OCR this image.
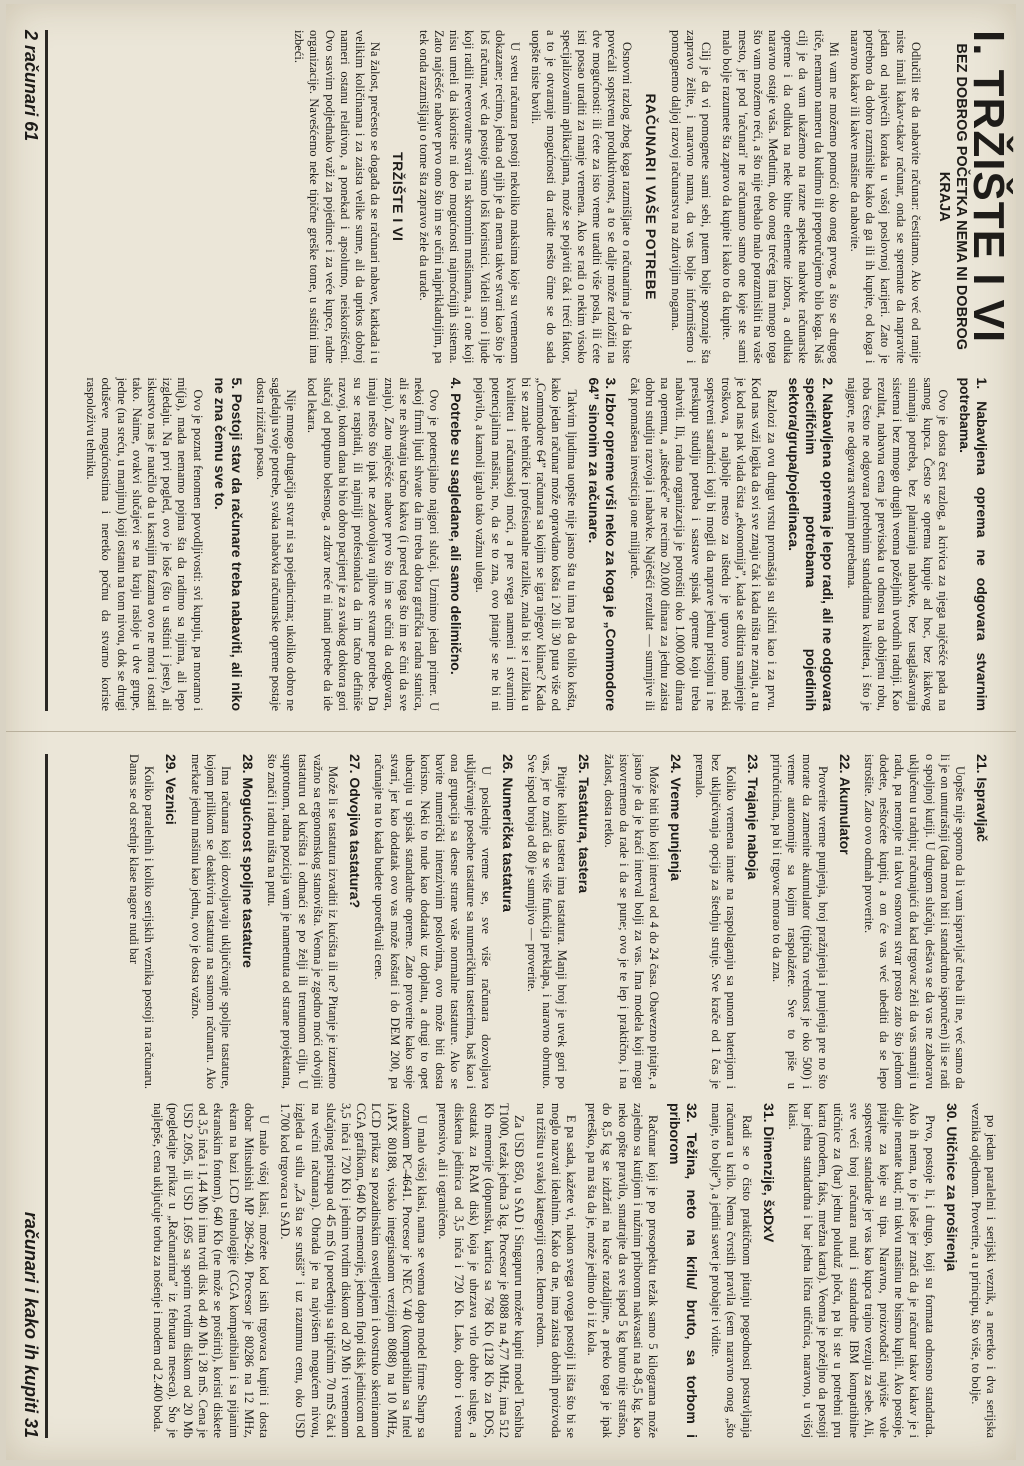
I. TRŽIŠTE I VI
BEZ DOBROG POČETKA NEMA NI DOBROG KRAJA

Odlučili ste da nabavite računar: čestitamo. Ako već od ranije niste imali kakav-takav računar, onda se spremate da napravite jedan od najvećih koraka u vašoj poslovnoj karijeri. Zato je potrebno da dobro razmislite kako da ga ili ih kupite, od koga i naravno kakav ili kakve mašine da nabavite.

Mi vam ne možemo pomoći oko onog prvog, a što se drugog tiče, nemamo nameru da kudimo ili preporučujemo bilo koga. Naš cilj je da vam ukažemo na razne aspekte nabavke računarske opreme i da odluka na neke bitne elemente izbora, a odluka naravno ostaje vaša. Međutim, oko onog trećeg ima mnogo toga što vam možemo reći, a što nije trebalo malo porazmisliti na vaše mesto, jer pod 'računari' ne računamo samo one koje ste sami malo bolje razumete šta zapravo da kupite i kako to da kupite.

Cilj je da vi pomognete sami sebi, putem bolje spoznaje šta zapravo želite, i naravno nama, da vas bolje informišemo i pomognemo daljoj razvoj računarstva na zdravijim nogama.

RAČUNARI I VAŠE POTREBE

Osnovni razlog zbog koga razmišljate o računarima je da biste povećali sopstvenu produktivnost, a to se dalje može razložiti na dve mogućnosti: ili ćete za isto vreme uraditi više posla, ili ćete isti posao uraditi za manje vremena. Ako se radi o nekim visoko specijalizovanim aplikacijama, može se pojaviti čak i treći faktor, a to je otvaranje mogućnosti da radite nešto čime se do sada uopšte niste bavili.

U svetu računara postoji nekoliko maksima koje su vremenom dokazane; recimo, jedna od njih je da nema takve stvari kao što je loš računar, već da postoje samo loši korisnici. Videli smo i ljude koji radili neverovatne stvari na skromnim mašinama, a i one koji nisu umeli da iskoriste ni deo mogućnosti najmoćnijih sistema. Zato najčešće nabave prvo ono što im se učini najprikladnijim, pa tek onda razmišljaju o tome šta zapravo žele da urade.

TRŽIŠTE I VI

Na žalost, prečesto se događa da se računari nabave, katkada i u velikim količinama i za zaista velike sume, ali da uprkos dobroj nameri ostanu relativno, a ponekad i apsolutno, neiskorišćeni. Ovo sasvim podjednako važi za pojedince i za veće kupce, radne organizacije. Navešćemo neke tipične greške tome, u suštini ima izbeći.

1. Nabavljena oprema ne odgovara stvarnim potrebama.

Ovo je dosta čest razlog, a krivica za njega najčešće pada na samog kupca. Često se oprema kupuje ad hoc, bez ikakvog snimanja potreba, bez planiranja nabavke, bez usaglašavanja sistema i bez mnogo drugih veoma poželjnih uvodnih radnji. Kao rezultat, nabavna cena je previsoka u odnosu na dobijenu robu, roba često ne odgovara potrebnim standardima kvaliteta, i što je najgore, ne odgovara stvarnim potrebama.

2. Nabavljena oprema je lepo radi, ali ne odgovara specifičnim potrebama pojedinih sektora/grupa/pojedinaca.

Razlozi za ovu drugu vrstu promašaja su slični kao i za prvu. Kod nas važi logika da svi sve znaju čak i kada ništa ne znaju, a tu je kod nas pak vlada čista „ekonomija”, kada se diktira smanjenje troškova, a najbolje mesto za uštedu je upravo tamo neki sopstveni saradnici koji bi mogli da naprave jednu pristojnu i ne preskupu studiju potreba i sastave spisak opreme koju treba nabaviti. Ili, radna organizacija je potrošiti oko 1.000.000 dinara na opremu, a „uštedeće” ne recimo 20.000 dinara za jednu zaista dobru studiju razvoja i nabavke. Najčešći rezultat — sumnjive ili čak promašena investicija one milijarde.

3. Izbor opreme vrši neko za koga je „Commodore 64” sinonim za računare.

Takvim ljudima uopšte nije jasno šta tu ima pa da toliko košta, kako jedan računar može opravdano košta i 20 ili 30 puta više od „Commodore 64” računara sa kojim se igra njegov klinac? Kada bi se znale tehničke i profesionalne razlike, znala bi se i razlika u kvalitetu i računarskoj moći, a pre svega nameni i stvarnim potencijalima mašina; no, da se to zna, ovo pitanje se ne bi ni pojavilo, a kamoli igralo tako važnu ulogu.

4. Potrebe su sagledane, ali samo delimično.

Ovo je potencijalno najgori slučaj. Uzmimo jedan primer. U nekoj firmi ljudi shvate da im treba dobra grafička radna stanica, ali se ne shvataju tačno kakva (i pored toga što im se čini da sve znaju). Zato najčešće nabave prvo što im se učini da odgovara, imaju nešto što ipak ne zadovoljava njihove stvarne potrebe. Da su se raspitali, ili najmilji profesionalca da im tačno definiše razvoj, tokom dana bi bio dobro pacijent je za svakog doktora gori slučaj od potpuno bolesnog, a zdrav neće ni imati potrebe da ide kod lekara.

Nije mnogo drugačija stvar ni sa pojedincima; ukoliko dobro ne sagledaju svoje potrebe, svaka nabavka računarske opreme postaje dosta riziičan posao.

5. Postoji stav da računare treba nabaviti, ali niko ne zna čemu sve to.

Ovo je poznat fenomen povodljivosti: svi kupuju, pa moramo i mi(ja), mada nemamo pojma šta da radimo sa njima, ali lepo izgledaju. Na prvi pogled, ovo je loše (što u suštini i jeste), ali iskustvo nas je naučilo da u kasnijim fazama ovo ne mora i ostati tako. Naime, ovakvi slučajevi se na kraju rasloje u dve grupe, jedne (na sreću, u manjinu) koji ostanu na tom nivou, dok se drugi oduševe mogućnostima i neretko počnu da stvarno koriste raspoloživu tehniku.

2 računari 61
21. Ispravljač

Uopšte nije sporno da li vam ispravljač treba ili ne, već samo da li je on unutrašnji (tada mora biti i standardno isporučen) ili se radi o spoljnoj kutiji. U drugom slučaju, dešava se da vas ne zaboravu uključenu u radnju; računajući da kad trgovac želi da vas smanji u radu, pa nemojte ni takvu osnovnu stvar prosto zato što jednom dodete, neštoćete kupiti, a on će vas već ubediti da se lepo istrošite. Zato ovo odmah proverite.

22. Akumulator

Proverite vreme punjenja, broj pražnjenja i punjenja pre no što morate da zamenite akumulator (tipična vrednost je oko 500) i vreme autonomije sa kojim raspolažete. Sve to piše u priručnicima, pa bi i trgovac morao to da zna.

23. Trajanje naboja

Koliko vremena imate na raspolaganju sa punom baterijom i bez uključivanja opcija za štednju struje. Sve krače od 1 čas je premalo.

24. Vreme punjenja

Može biti bilo koji interval od 4 do 24 časa. Obavezno pitajte, a jasno je da je kraći interval bolji za vas. Ima modela koji mogu istovremeno da rade i da se pune; ovo je te lep i praktično, i na žalost, dosta retko.

25. Tastatura, tastera

Pitajte koliko tastera ima tastatura. Manji broj je uvek gori po vas, jer to znači da se više funkcija preklapa, i naravno obrnuto. Sve ispod broja od 80 je sumnjivo — proverite.

26. Numerička tastatura

U poslednje vreme se, sve više računara dozvoljava uključivanje posebne tastature sa numeričkim tasterima, baš kao i ona grupacija sa desne strane vaše normalne tastature. Ako se bavite numerički intenzivnim poslovima, ovo može biti dosta korisno. Neki to nude kao dodatak uz doplatu, a drugi to opet ubacuju u spisak standardne opreme. Zato proverite kako stoje stvari, jer kao dodatak ovo vas može koštati i do DEM 200, pa računajte na to kada budete upoređivali cene.

27. Odvojiva tastatura?

Može li se tastatura izvaditi iz kućišta ili ne? Pitanje je izuzetno važno sa ergonomskog stanovišta. Veoma je zgodno moći odvojiti tastaturu od kućišta i odmaći se po želji ili trenutnom cilju. U suprotnom, radna pozicija vam je nametnuta od strane projektanta, što znači i radnu ništa na putu.

28. Mogućnost spoljne tastature

Ima računara koji dozvoljavaju uključivanje spoljne tastature, kojom prilikom se deaktivira tastatura na samom računaru. Ako merkate jednu mašinu kao jednu, ovo je dosta važno.

29. Veznici

Koliko paralelnih i koliko serijskih veznika postoji na računaru. Danas se od srednje klase nagore nudi bar

po jedan paralelni i serijski veznik, a neretko i dva serijska veznika odjednom. Proverite, a u principu, što više, to bolje.

30. Utičnice za proširenja

Prvo, postoje li, i drugo, koji su formata odnosno standarda. Ako ih nema, to je loše jer znači da je računar takav kakav je i dalje nemate kud; mi takvu mašinu ne bismo kupili. Ako postoje, pitajte za koje su tipa. Naravno, proizvođači najviše vole sopstvene standarde jer vas kao kupca trajno vezuju za sebe. Ali, sve veći broj računara nudi i standardne IBM kompatibilne utičnice za (bar) jednu poluduž ploču, pa bi ste u potrebni pru karta (modem, faks, mrežna karta). Veoma je poželjno da postoji bar jedna standardna i bar jedna lična utičnica, naravno, u višoj klasi.

31. Dimenzije, šxDxV

Radi se o čisto praktičnom pitanju pogodnosti postavljanja računara u krilo. Nema čvrstih pravila (sem naravno onog „što manje, to bolje”), a jedini savet je probajte i vidite.

32. Težina, neto na krilu/ bruto, sa torbom i priborom

Računar koji je po prosopektu težak samo 5 kilograma može zajedno sa kutijom i nužnim priborom nakvasati na 8-8,5 kg. Kao neko opšte pravilo, smatrajte da sve ispod 5 kg bruto nije strašno, do 8,5 kg se izdržati na krače razdaljine, a preko toga je ipak preteško, pa ma šta da je, može jedino do i iz kola.

E pa sada, kažete vi, nakon svega ovoga postoji li išta što bi se moglo nazvati idealnim. Kako da ne, ima zaista dobrih proizvoda na tržištu u svakoj kategoriji cene. Idemo redom.

Za USD 850, u SAD i Singapuru možete kupiti model Toshiba T1000, težak jedna 3 kg. Procesor je 8088 na 4,77 MHz, ima 512 Kb memorije (dopunsku, kartica sa 768 Kb (128 Kb za DOS, ostatak za RAM disk) koja je ubrzava vrlo dobre usluge, a disketna jedinica od 3,5 inča i 720 Kb. Lako, dobro i veoma prenosivo, ali i ograničeno.

U malo višoj klasi, nama se veoma dopa model firme Sharp sa oznakom PC-4641. Procesor je NEC V40 (kompatibilan sa Intel iAPX 80188, visoko integrisanom verzijom 8088) na 10 MHz, LCD prikaz sa pozadinskim osvetljenjem i dvostruko skeniranom CGA grafikom, 640 Kb memorije, jednom flopi disk jedinicom od 3,5 inča i 720 Kb i jednim tvrdim diskom od 20 Mb i vremenom slučajnog pristupa od 45 mS (u poređenju sa tipičnim 70 mS čak i na većini računara). Obrada je na najvišem mogućem nivou, izgleda u stilu „Za šta se srušiš” i uz razumnu cenu, oko USD 1.700 kod trgovaca u SAD.

U malo višoj klasi, možete kod istih trgovaca kupiti i dosta dobar Mitsubishi MP 286-240. Procesor je 80286 na 12 MHz, ekran na bazi LCD tehnologije (CGA kompatibilan i sa pijanim ekranskim fontom), 640 Kb (ne može se proširiti), koristi diskete od 3,5 inča i 1,44 Mb i ima tvrdi disk od 40 Mb i 28 mS. Cena je USD 2.095, ili USD 1.695 sa sporim tvrdim diskom od 20 Mb (pogledajte prikaz u „Računarima” iz februara meseca). Što je najlepše, cena uključuje torbu za nošenje i modem od 2.400 boda.

računari i kako ih kupiti 31
